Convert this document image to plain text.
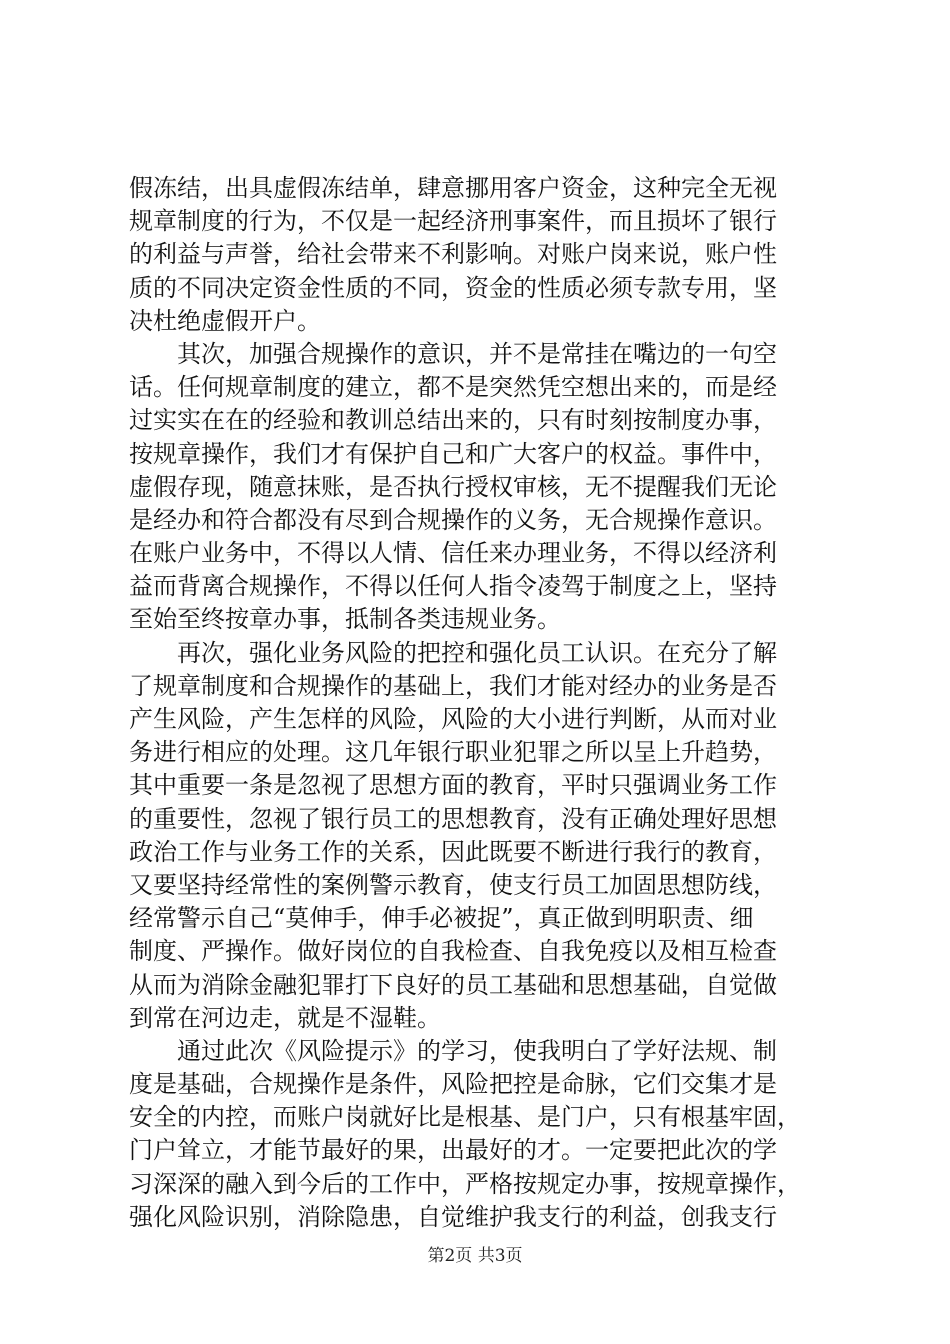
假冻结，出具虚假冻结单，肆意挪用客户资金，这种完全无视
规章制度的行为，不仅是一起经济刑事案件，而且损坏了银行
的利益与声誉，给社会带来不利影响。对账户岗来说，账户性
质的不同决定资金性质的不同，资金的性质必须专款专用，坚
决杜绝虚假开户。
　　其次，加强合规操作的意识，并不是常挂在嘴边的一句空
话。任何规章制度的建立，都不是突然凭空想出来的，而是经
过实实在在的经验和教训总结出来的，只有时刻按制度办事，
按规章操作，我们才有保护自己和广大客户的权益。事件中，
虚假存现，随意抹账，是否执行授权审核，无不提醒我们无论
是经办和符合都没有尽到合规操作的义务，无合规操作意识。
在账户业务中，不得以人情、信任来办理业务，不得以经济利
益而背离合规操作，不得以任何人指令凌驾于制度之上，坚持
至始至终按章办事，抵制各类违规业务。
　　再次，强化业务风险的把控和强化员工认识。在充分了解
了规章制度和合规操作的基础上，我们才能对经办的业务是否
产生风险，产生怎样的风险，风险的大小进行判断，从而对业
务进行相应的处理。这几年银行职业犯罪之所以呈上升趋势，
其中重要一条是忽视了思想方面的教育，平时只强调业务工作
的重要性，忽视了银行员工的思想教育，没有正确处理好思想
政治工作与业务工作的关系，因此既要不断进行我行的教育，
又要坚持经常性的案例警示教育，使支行员工加固思想防线，
经常警示自己“莫伸手，伸手必被捉”，真正做到明职责、细
制度、严操作。做好岗位的自我检查、自我免疫以及相互检查
从而为消除金融犯罪打下良好的员工基础和思想基础，自觉做
到常在河边走，就是不湿鞋。
　　通过此次《风险提示》的学习，使我明白了学好法规、制
度是基础，合规操作是条件，风险把控是命脉，它们交集才是
安全的内控，而账户岗就好比是根基、是门户，只有根基牢固，
门户耸立，才能节最好的果，出最好的才。一定要把此次的学
习深深的融入到今后的工作中，严格按规定办事，按规章操作，
强化风险识别，消除隐患，自觉维护我支行的利益，创我支行
第2页 共3页
